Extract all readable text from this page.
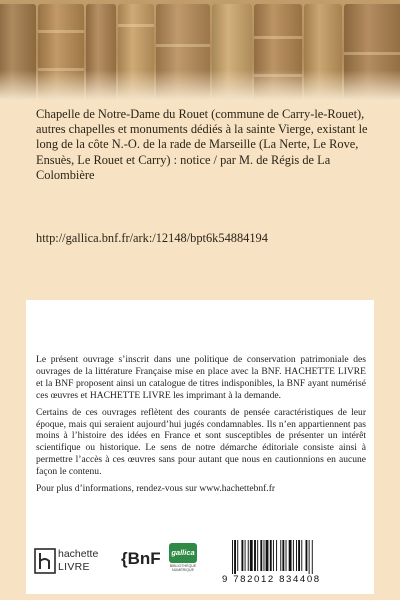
Chapelle de Notre-Dame du Rouet (commune de Carry-le-Rouet), autres chapelles et monuments dédiés à la sainte Vierge, existant le long de la côte N.-O. de la rade de Marseille (La Nerte, Le Rove, Ensuès, Le Rouet et Carry) : notice / par M. de Régis de La Colombière
http://gallica.bnf.fr/ark:/12148/bpt6k54884194

Le présent ouvrage s’inscrit dans une politique de conservation patrimoniale des ouvrages de la littérature Française mise en place avec la BNF. HACHETTE LIVRE et la BNF proposent ainsi un catalogue de titres indisponibles, la BNF ayant numérisé ces œuvres et HACHETTE LIVRE les imprimant à la demande.

Certains de ces ouvrages reflètent des courants de pensée caractéristiques de leur époque, mais qui seraient aujourd’hui jugés condamnables. Ils n’en appartiennent pas moins à l’histoire des idées en France et sont susceptibles de présenter un intérêt scientifique ou historique. Le sens de notre démarche éditoriale consiste ainsi à permettre l’accès à ces œuvres sans pour autant que nous en cautionnions en aucune façon le contenu.

Pour plus d’informations, rendez-vous sur www.hachettebnf.fr

hachette
LIVRE {BnF	gallica
BIBLIOTHÈQUE NUMÉRIQUE
9 782012 834408
